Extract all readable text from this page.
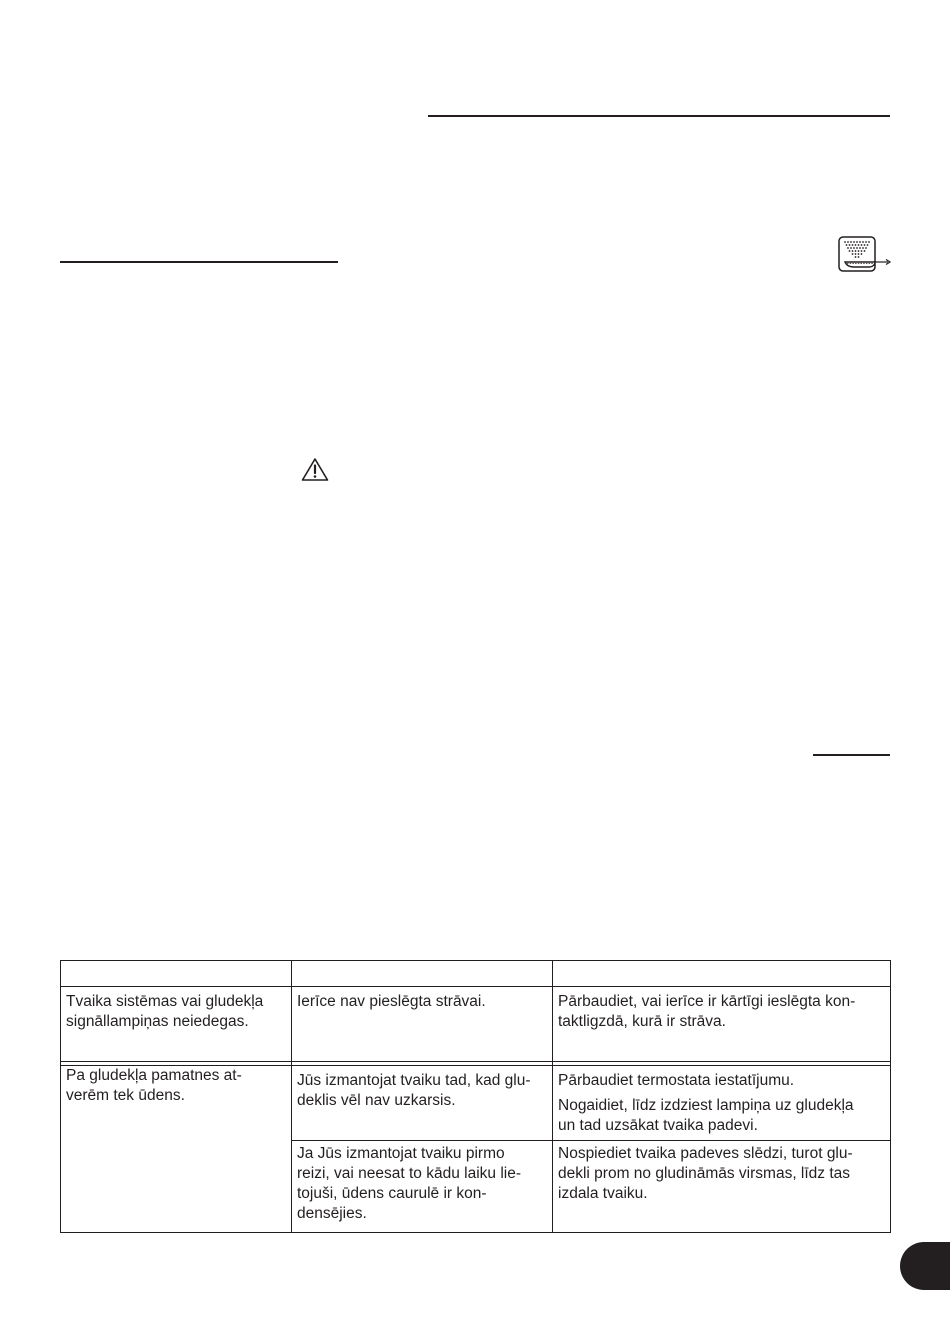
Tvaika sistēmas vai gludekļa

signāllampiņas neiedegas.

Ierīce nav pieslēgta strāvai.	Pārbaudiet, vai ierīce ir kārtīgi ieslēgta kon-

taktligzdā, kurā ir strāva.

Pa gludekļa pamatnes at-

verēm tek ūdens.

Jūs izmantojat tvaiku tad, kad glu-

deklis vēl nav uzkarsis.

Pārbaudiet termostata iestatījumu.

Nogaidiet, līdz izdziest lampiņa uz gludekļa

un tad uzsākat tvaika padevi.

Ja Jūs izmantojat tvaiku pirmo

reizi, vai neesat to kādu laiku lie-

tojuši, ūdens caurulē ir kon-

densējies.

Nospiediet tvaika padeves slēdzi, turot glu-

dekli prom no gludināmās virsmas, līdz tas

izdala tvaiku.
